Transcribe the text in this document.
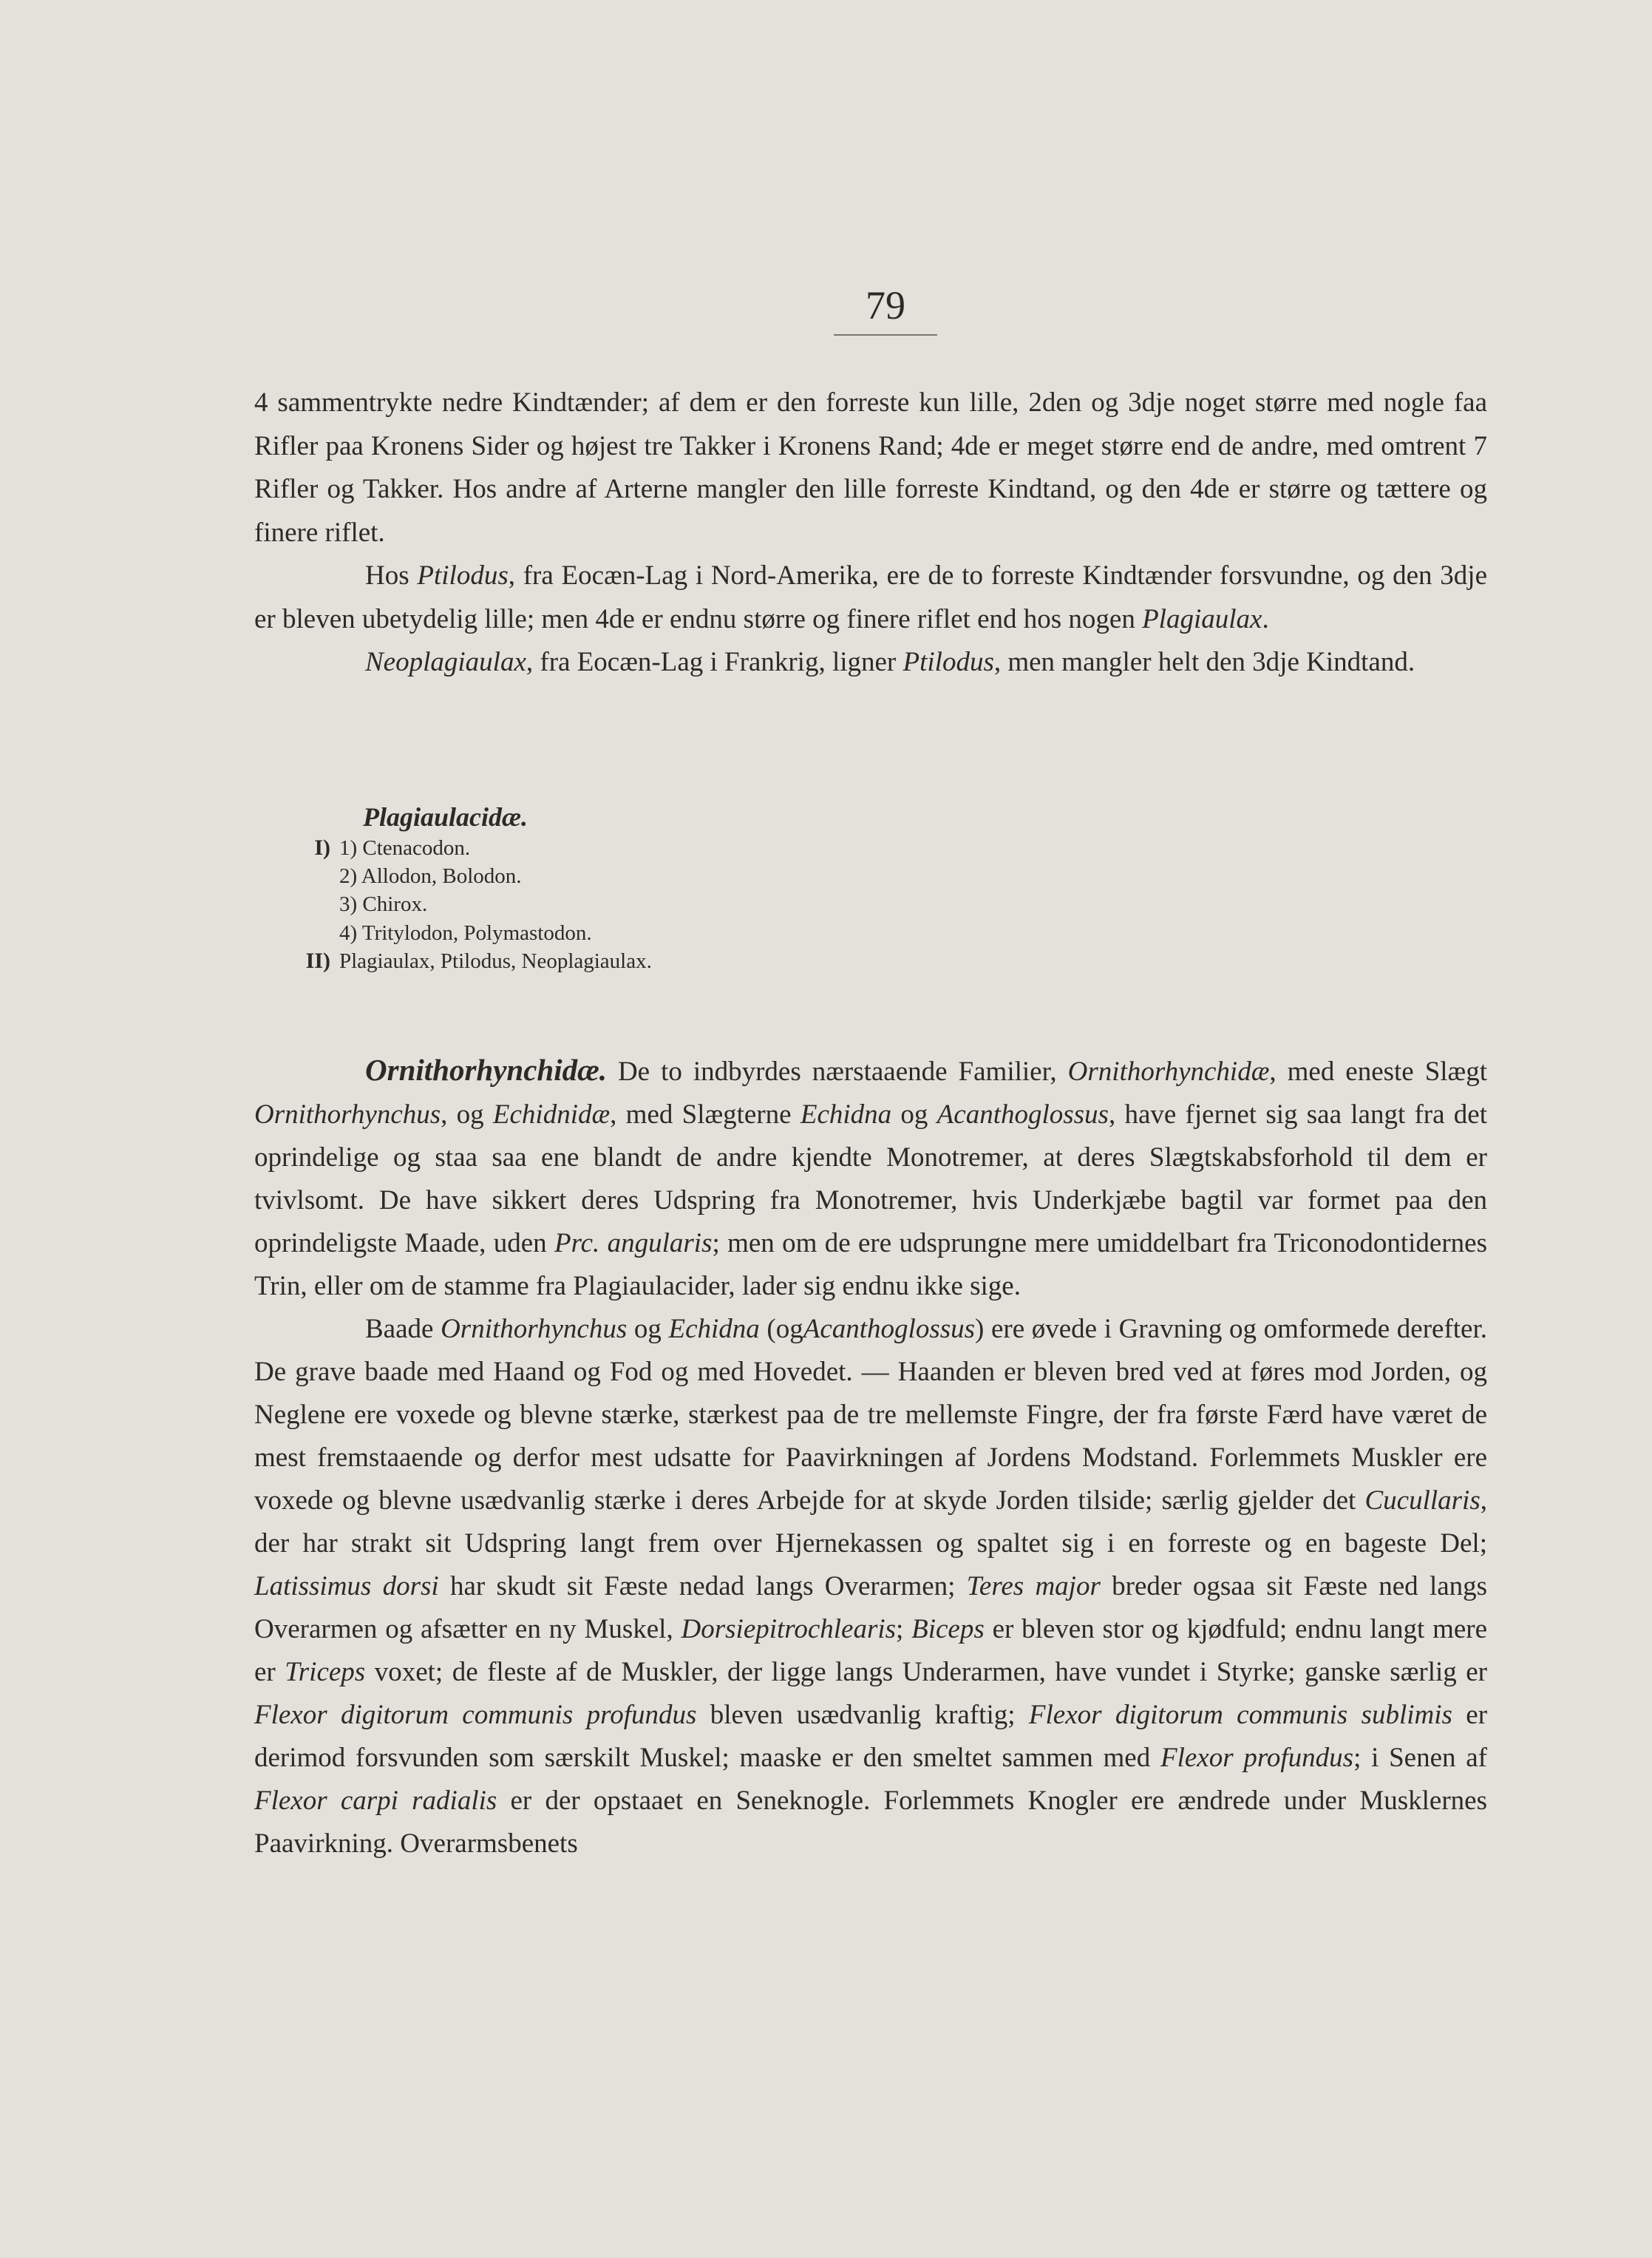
79

4 sammentrykte nedre Kindtænder; af dem er den forreste kun lille, 2den og 3dje noget større med nogle faa Rifler paa Kronens Sider og højest tre Takker i Kronens Rand; 4de er meget større end de andre, med omtrent 7 Rifler og Takker. Hos andre af Arterne mangler den lille forreste Kindtand, og den 4de er større og tættere og finere riflet.

Hos Ptilodus, fra Eocæn-Lag i Nord-Amerika, ere de to forreste Kindtænder forsvundne, og den 3dje er bleven ubetydelig lille; men 4de er endnu større og finere riflet end hos nogen Plagiaulax.

Neoplagiaulax, fra Eocæn-Lag i Frankrig, ligner Ptilodus, men mangler helt den 3dje Kindtand.

Plagiaulacidæ.
I) 1) Ctenacodon.
2) Allodon, Bolodon.
3) Chirox.
4) Tritylodon, Polymastodon.
II) Plagiaulax, Ptilodus, Neoplagiaulax.

Ornithorhynchidæ. De to indbyrdes nærstaaende Familier, Ornithorhynchidæ, med eneste Slægt Ornithorhynchus, og Echidnidæ, med Slægterne Echidna og Acanthoglossus, have fjernet sig saa langt fra det oprindelige og staa saa ene blandt de andre kjendte Monotremer, at deres Slægtskabsforhold til dem er tvivlsomt. De have sikkert deres Udspring fra Monotremer, hvis Underkjæbe bagtil var formet paa den oprindeligste Maade, uden Prc. angularis; men om de ere udsprungne mere umiddelbart fra Triconodontidernes Trin, eller om de stamme fra Plagiaulacider, lader sig endnu ikke sige.

Baade Ornithorhynchus og Echidna (ogAcanthoglossus) ere øvede i Gravning og omformede derefter. De grave baade med Haand og Fod og med Hovedet. — Haanden er bleven bred ved at føres mod Jorden, og Neglene ere voxede og blevne stærke, stærkest paa de tre mellemste Fingre, der fra første Færd have været de mest fremstaaende og derfor mest udsatte for Paavirkningen af Jordens Modstand. Forlemmets Muskler ere voxede og blevne usædvanlig stærke i deres Arbejde for at skyde Jorden tilside; særlig gjelder det Cucullaris, der har strakt sit Udspring langt frem over Hjernekassen og spaltet sig i en forreste og en bageste Del; Latissimus dorsi har skudt sit Fæste nedad langs Overarmen; Teres major breder ogsaa sit Fæste ned langs Overarmen og afsætter en ny Muskel, Dorsiepitrochlearis; Biceps er bleven stor og kjødfuld; endnu langt mere er Triceps voxet; de fleste af de Muskler, der ligge langs Underarmen, have vundet i Styrke; ganske særlig er Flexor digitorum communis profundus bleven usædvanlig kraftig; Flexor digitorum communis sublimis er derimod forsvunden som særskilt Muskel; maaske er den smeltet sammen med Flexor profundus; i Senen af Flexor carpi radialis er der opstaaet en Seneknogle. Forlemmets Knogler ere ændrede under Musklernes Paavirkning. Overarmsbenets
